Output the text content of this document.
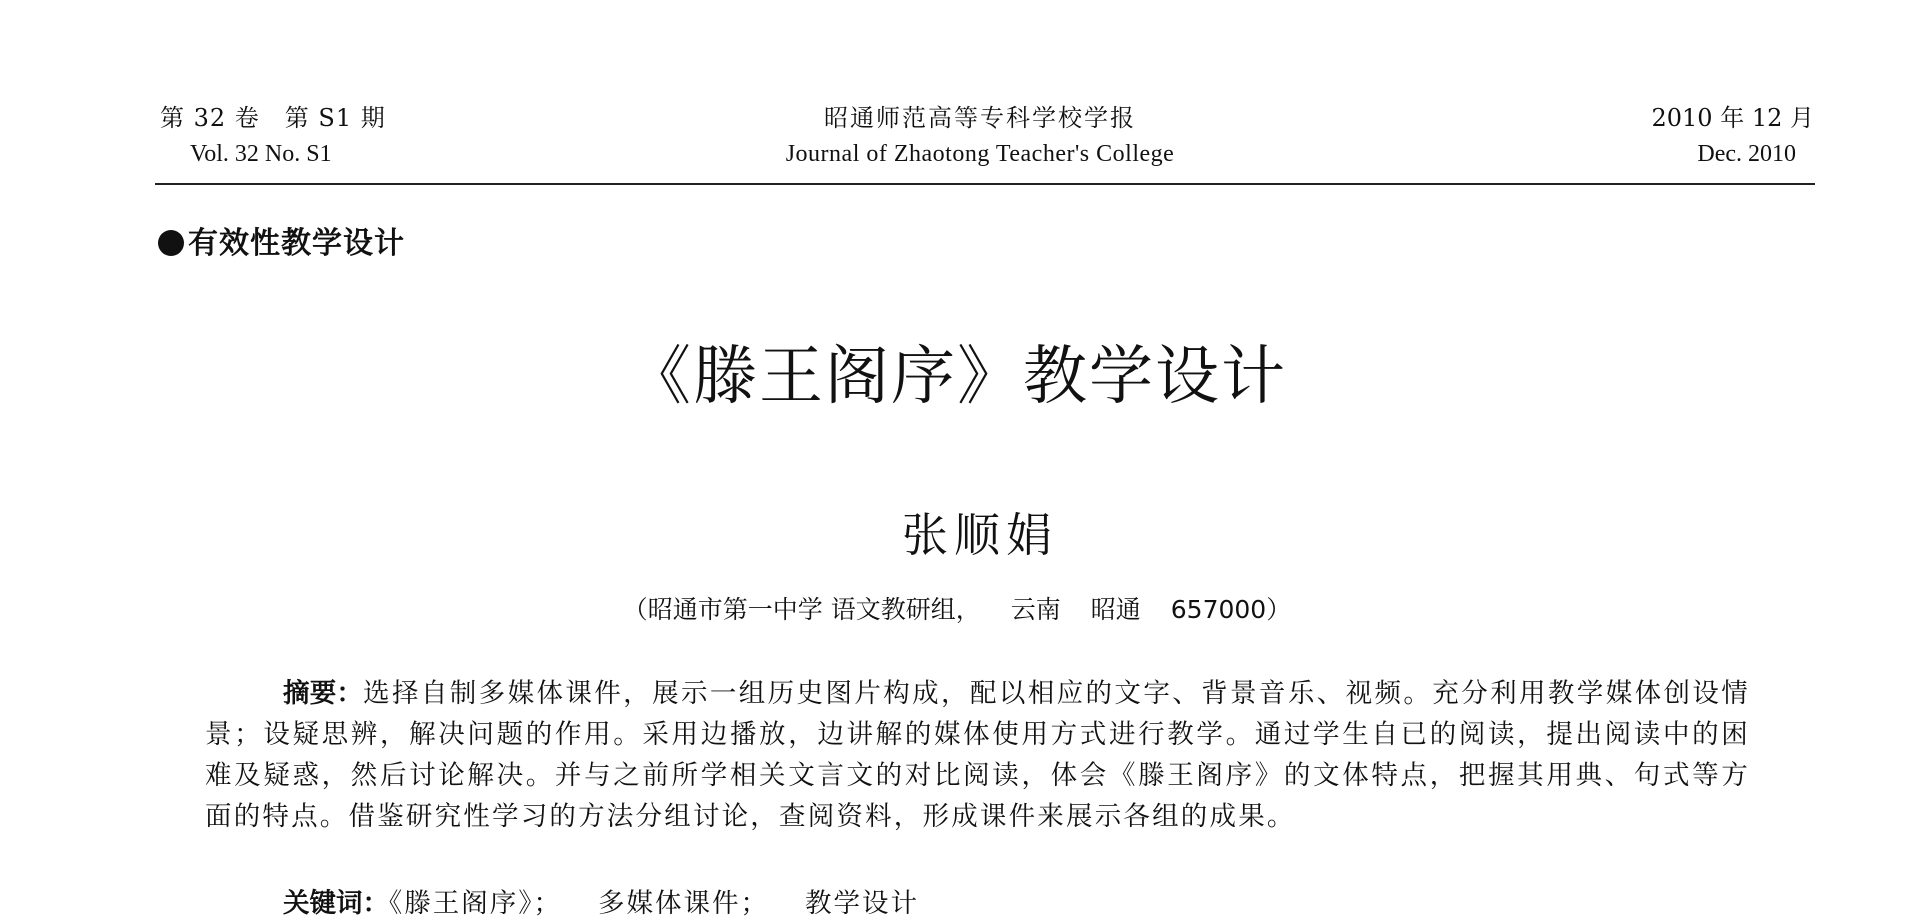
第 32 卷　第 S1 期
Vol. 32 No. S1
昭通师范高等专科学校学报
Journal of Zhaotong Teacher's College
2010 年 12 月
Dec. 2010
有效性教学设计
《滕王阁序》教学设计
张顺娟
（昭通市第一中学 语文教研组， 云南 昭通 657000）
摘要：选择自制多媒体课件，展示一组历史图片构成，配以相应的文字、背景音乐、视频。充分利用教学媒体创设情景；设疑思辨，解决问题的作用。采用边播放，边讲解的媒体使用方式进行教学。通过学生自已的阅读，提出阅读中的困难及疑惑，然后讨论解决。并与之前所学相关文言文的对比阅读，体会《滕王阁序》的文体特点，把握其用典、句式等方面的特点。借鉴研究性学习的方法分组讨论，查阅资料，形成课件来展示各组的成果。
关键词：《滕王阁序》； 多媒体课件； 教学设计
